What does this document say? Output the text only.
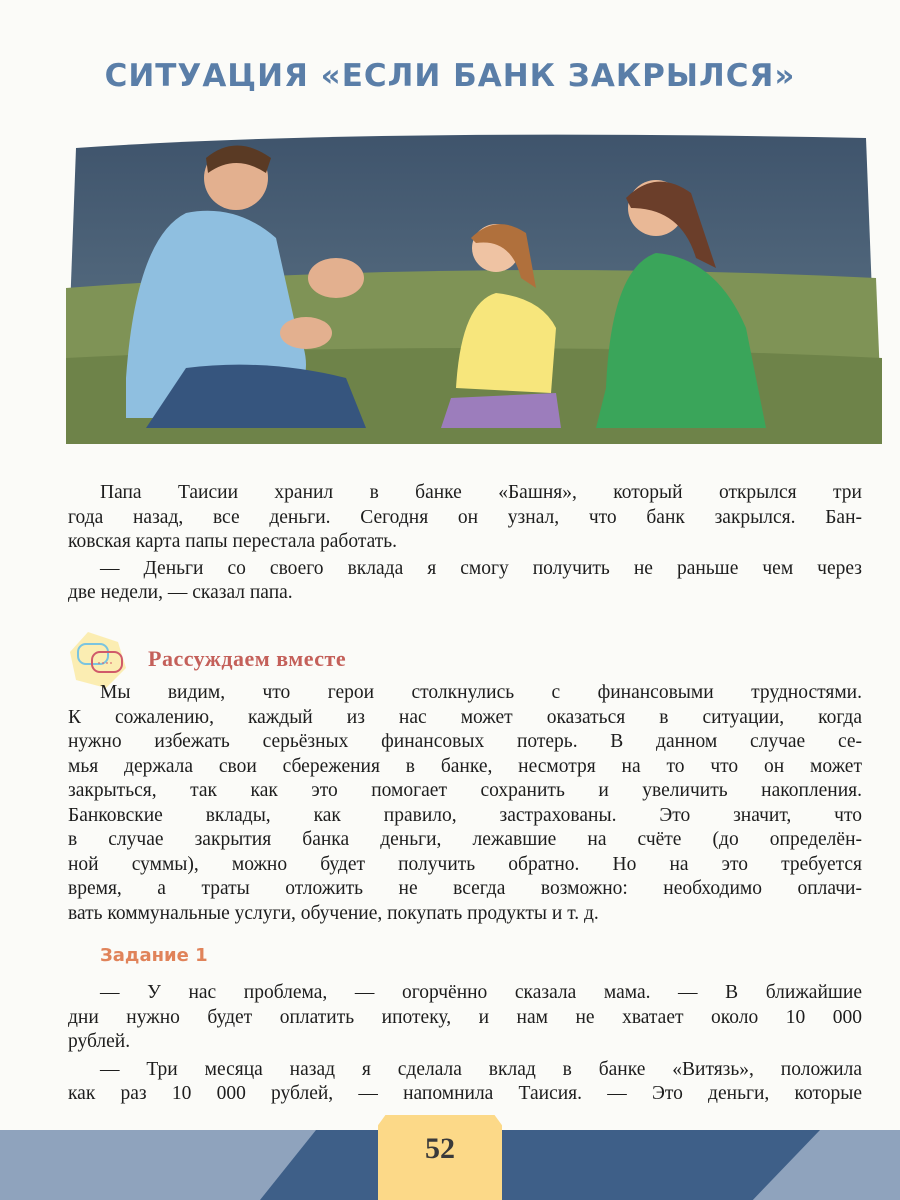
СИТУАЦИЯ «ЕСЛИ БАНК ЗАКРЫЛСЯ»
Папа Таисии хранил в банке «Башня», который открылся три
года назад, все деньги. Сегодня он узнал, что банк закрылся. Бан-
ковская карта папы перестала работать.
— Деньги со своего вклада я смогу получить не раньше чем через
две недели, — сказал папа.
Рассуждаем вместе
Мы видим, что герои столкнулись с финансовыми трудностями.
К сожалению, каждый из нас может оказаться в ситуации, когда
нужно избежать серьёзных финансовых потерь. В данном случае се-
мья держала свои сбережения в банке, несмотря на то что он может
закрыться, так как это помогает сохранить и увеличить накопления.
Банковские вклады, как правило, застрахованы. Это значит, что
в случае закрытия банка деньги, лежавшие на счёте (до определён-
ной суммы), можно будет получить обратно. Но на это требуется
время, а траты отложить не всегда возможно: необходимо оплачи-
вать коммунальные услуги, обучение, покупать продукты и т. д.
Задание 1
— У нас проблема, — огорчённо сказала мама. — В ближайшие
дни нужно будет оплатить ипотеку, и нам не хватает около 10 000
рублей.
— Три месяца назад я сделала вклад в банке «Витязь», положила
как раз 10 000 рублей, — напомнила Таисия. — Это деньги, которые
52
